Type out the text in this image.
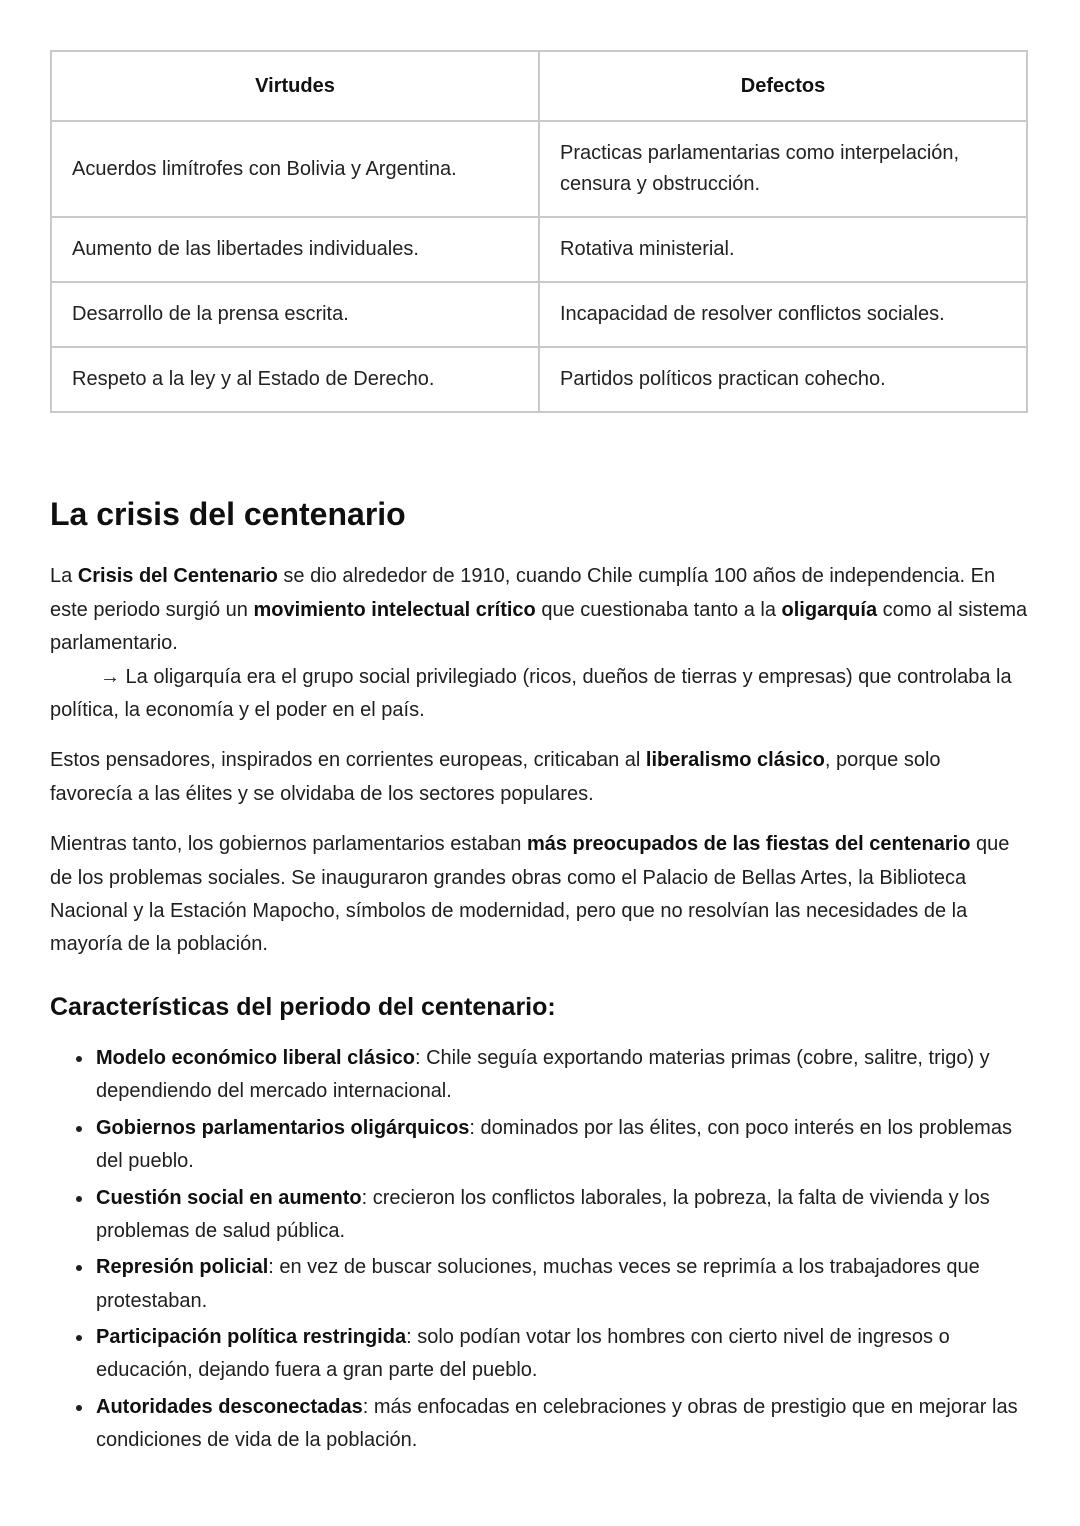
Virtudes	Defectos
Acuerdos limítrofes con Bolivia y Argentina.	Practicas parlamentarias como interpelación, censura y obstrucción.
Aumento de las libertades individuales.	Rotativa ministerial.
Desarrollo de la prensa escrita.	Incapacidad de resolver conflictos sociales.
Respeto a la ley y al Estado de Derecho.	Partidos políticos practican cohecho.
La crisis del centenario

La Crisis del Centenario se dio alrededor de 1910, cuando Chile cumplía 100 años de independencia. En este periodo surgió un movimiento intelectual crítico que cuestionaba tanto a la oligarquía como al sistema parlamentario.
→ La oligarquía era el grupo social privilegiado (ricos, dueños de tierras y empresas) que controlaba la política, la economía y el poder en el país.

Estos pensadores, inspirados en corrientes europeas, criticaban al liberalismo clásico, porque solo favorecía a las élites y se olvidaba de los sectores populares.

Mientras tanto, los gobiernos parlamentarios estaban más preocupados de las fiestas del centenario que de los problemas sociales. Se inauguraron grandes obras como el Palacio de Bellas Artes, la Biblioteca Nacional y la Estación Mapocho, símbolos de modernidad, pero que no resolvían las necesidades de la mayoría de la población.

Características del periodo del centenario:
• Modelo económico liberal clásico: Chile seguía exportando materias primas (cobre, salitre, trigo) y dependiendo del mercado internacional.
• Gobiernos parlamentarios oligárquicos: dominados por las élites, con poco interés en los problemas del pueblo.
• Cuestión social en aumento: crecieron los conflictos laborales, la pobreza, la falta de vivienda y los problemas de salud pública.
• Represión policial: en vez de buscar soluciones, muchas veces se reprimía a los trabajadores que protestaban.
• Participación política restringida: solo podían votar los hombres con cierto nivel de ingresos o educación, dejando fuera a gran parte del pueblo.
• Autoridades desconectadas: más enfocadas en celebraciones y obras de prestigio que en mejorar las condiciones de vida de la población.
